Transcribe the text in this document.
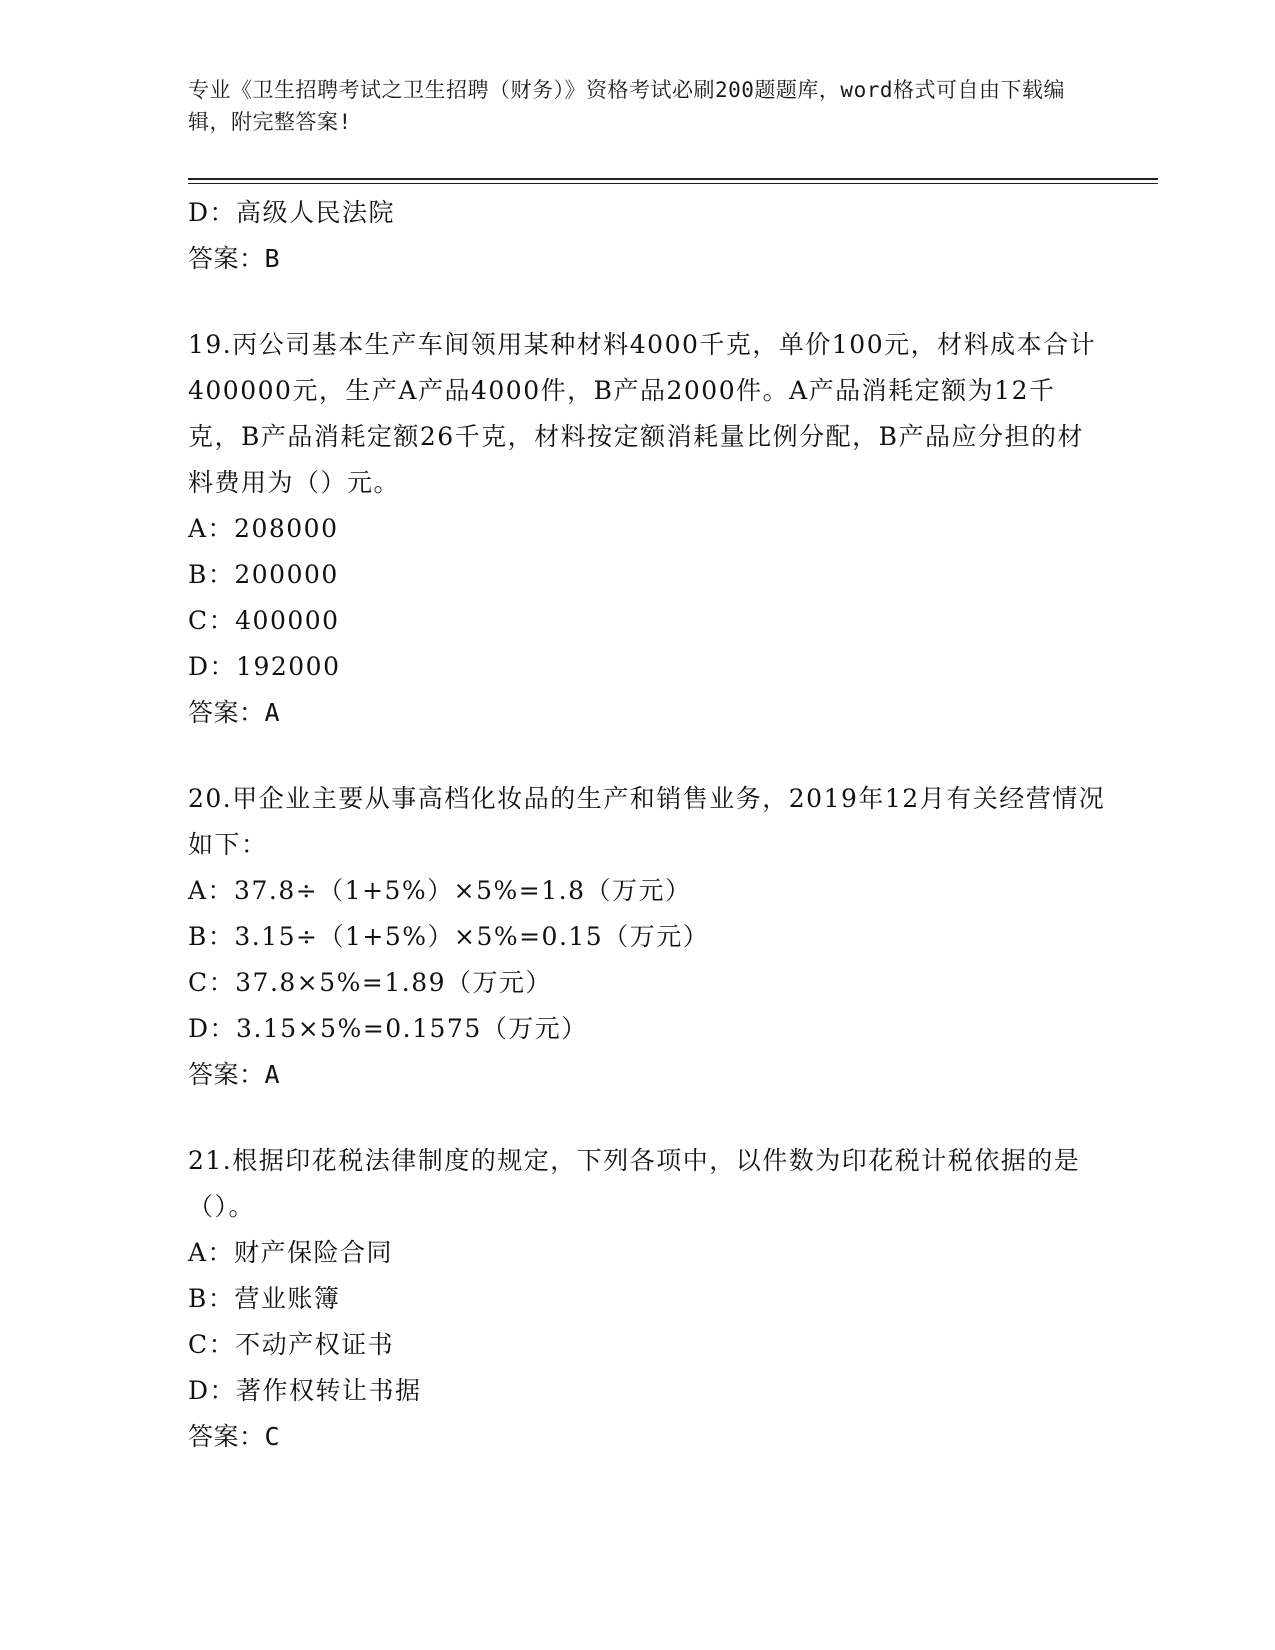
专业《卫生招聘考试之卫生招聘（财务）》资格考试必刷200题题库，word格式可自由下载编辑，附完整答案!
D：高级人民法院
答案：B
19.丙公司基本生产车间领用某种材料4000千克，单价100元，材料成本合计400000元，生产A产品4000件，B产品2000件。A产品消耗定额为12千克，B产品消耗定额26千克，材料按定额消耗量比例分配，B产品应分担的材料费用为（）元。
A：208000
B：200000
C：400000
D：192000
答案：A
20.甲企业主要从事高档化妆品的生产和销售业务，2019年12月有关经营情况如下：
A：37.8÷（1+5%）×5%=1.8（万元）
B：3.15÷（1+5%）×5%=0.15（万元）
C：37.8×5%=1.89（万元）
D：3.15×5%=0.1575（万元）
答案：A
21.根据印花税法律制度的规定，下列各项中，以件数为印花税计税依据的是（）。
A：财产保险合同
B：营业账簿
C：不动产权证书
D：著作权转让书据
答案：C
